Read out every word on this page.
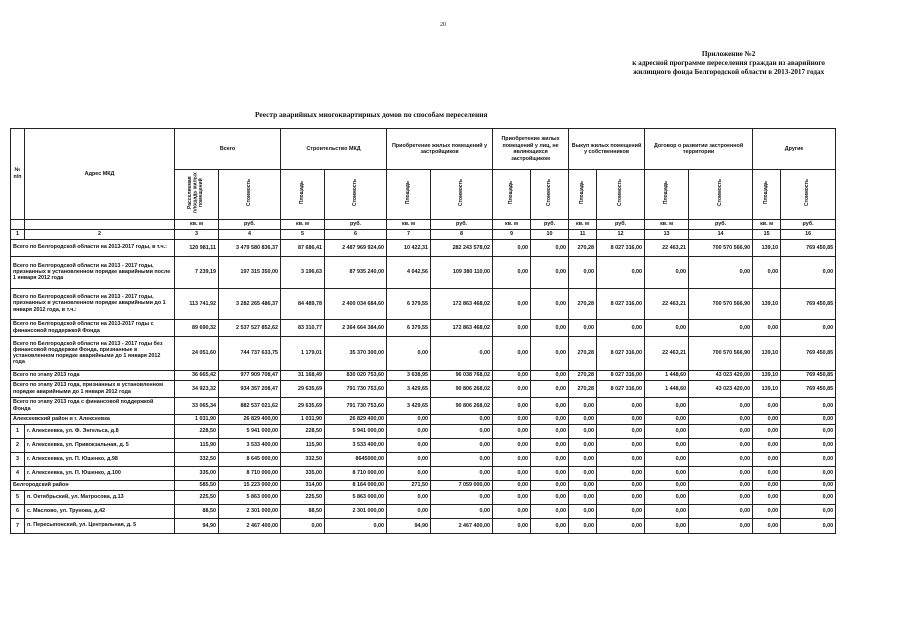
20
Приложение №2
к адресной программе переселения граждан из аварийного
жилищного фонда Белгородской области в 2013-2017 годах
Реестр аварийных многоквартирных домов по способам переселения
№ п/п	Адрес МКД	Всего		Строительство МКД		Приобретение жилых помещений у застройщиков		Приобретение жилых помещений у лиц, не являющихся застройщиком		Выкуп жилых помещений у собственников		Договор о развитии застроенной территории		Другие	
		Расселяемая площадь жилых помещений	Стоимость	Площадь	Стоимость	Площадь	Стоимость	Площадь	Стоимость	Площадь	Стоимость	Площадь	Стоимость	Площадь	Стоимость
		кв. м	руб.	кв. м	руб.	кв. м	руб.	кв. м	руб.	кв. м	руб.	кв. м	руб.	кв. м	руб.
1	2	3	4	5	6	7	8	9	10	11	12	13	14	15	16
Всего по Белгородской области на 2013-2017 годы, в т.ч.:		120 981,11	3 479 580 836,37	87 686,41	2 487 969 924,60	10 422,31	282 243 578,02	0,00	0,00	270,28	8 027 316,00	22 463,21	700 570 566,90	139,10	769 450,85
Всего по Белгородской области на 2013 - 2017 годы, признанных в установленном порядке аварийными после 1 января 2012 года		7 239,19	197 315 350,00	3 196,63	87 935 240,00	4 042,56	109 380 110,00	0,00	0,00	0,00	0,00	0,00	0,00	0,00	0,00
Всего по Белгородской области на 2013 - 2017 годы, признанных в установленном порядке аварийными до 1 января 2012 года, в т.ч.:		113 741,92	3 282 265 486,37	84 489,78	2 400 034 684,60	6 379,55	172 863 468,02	0,00	0,00	270,28	8 027 316,00	22 463,21	700 570 566,90	139,10	769 450,85
Всего по Белгородской области на 2013-2017 годы с финансовой поддержкой Фонда		89 690,32	2 537 527 852,62	83 310,77	2 364 664 384,60	6 379,55	172 863 468,02	0,00	0,00	0,00	0,00	0,00	0,00	0,00	0,00
Всего по Белгородской области на 2013 - 2017 годы без финансовой поддержки Фонда, признанные в установленном порядке аварийными до 1 января 2012 года		24 051,60	744 737 633,75	1 179,01	35 370 300,00	0,00	0,00	0,00	0,00	270,28	8 027 316,00	22 463,21	700 570 566,90	139,10	769 450,85
Всего по этапу 2013 года		36 665,42	977 909 708,47	31 168,49	830 020 753,60	3 638,95	96 038 768,02	0,00	0,00	270,28	8 027 316,00	1 448,60	43 023 420,00	139,10	769 450,85
Всего по этапу 2013 года, признанных в установленном порядке аварийными до 1 января 2012 года		34 923,32	934 357 208,47	29 635,69	791 730 753,60	3 429,65	90 806 268,02	0,00	0,00	270,28	8 027 316,00	1 448,60	43 023 420,00	139,10	769 450,85
Всего по этапу 2013 года с финансовой поддержкой Фонда		33 065,34	882 537 021,62	29 635,69	791 730 753,60	3 429,65	90 806 268,02	0,00	0,00	0,00	0,00	0,00	0,00	0,00	0,00
Алексеевский район и г. Алексеевка		1 031,90	26 829 400,00	1 031,90	26 829 400,00	0,00	0,00	0,00	0,00	0,00	0,00	0,00	0,00	0,00	0,00
1	г. Алексеевка, ул. Ф. Энгельса, д.8	228,50	5 941 000,00	228,50	5 941 000,00	0,00	0,00	0,00	0,00	0,00	0,00	0,00	0,00	0,00	0,00
2	г. Алексеевка, ул. Привокзальная, д. 5	115,90	3 533 400,00	115,90	3 533 400,00	0,00	0,00	0,00	0,00	0,00	0,00	0,00	0,00	0,00	0,00
3	г. Алексеевка, ул. П. Юшенко, д.98	332,50	8 645 000,00	332,50	8645000,00	0,00	0,00	0,00	0,00	0,00	0,00	0,00	0,00	0,00	0,00
4	г. Алексеевка, ул. П. Юшенко, д.100	335,00	8 710 000,00	335,00	8 710 000,00	0,00	0,00	0,00	0,00	0,00	0,00	0,00	0,00	0,00	0,00
Белгородский район		585,50	15 223 000,00	314,00	8 164 000,00	271,50	7 059 000,00	0,00	0,00	0,00	0,00	0,00	0,00	0,00	0,00
5	п. Октябрьский, ул. Матросова, д.13	225,50	5 863 000,00	225,50	5 863 000,00	0,00	0,00	0,00	0,00	0,00	0,00	0,00	0,00	0,00	0,00
6	с. Маслово, ул. Трунова, д.42	88,50	2 301 000,00	88,50	2 301 000,00	0,00	0,00	0,00	0,00	0,00	0,00	0,00	0,00	0,00	0,00
7	п. Пересыпонский, ул. Центральная, д. 5	94,90	2 467 400,00	0,00	0,00	94,90	2 467 400,00	0,00	0,00	0,00	0,00	0,00	0,00	0,00	0,00
